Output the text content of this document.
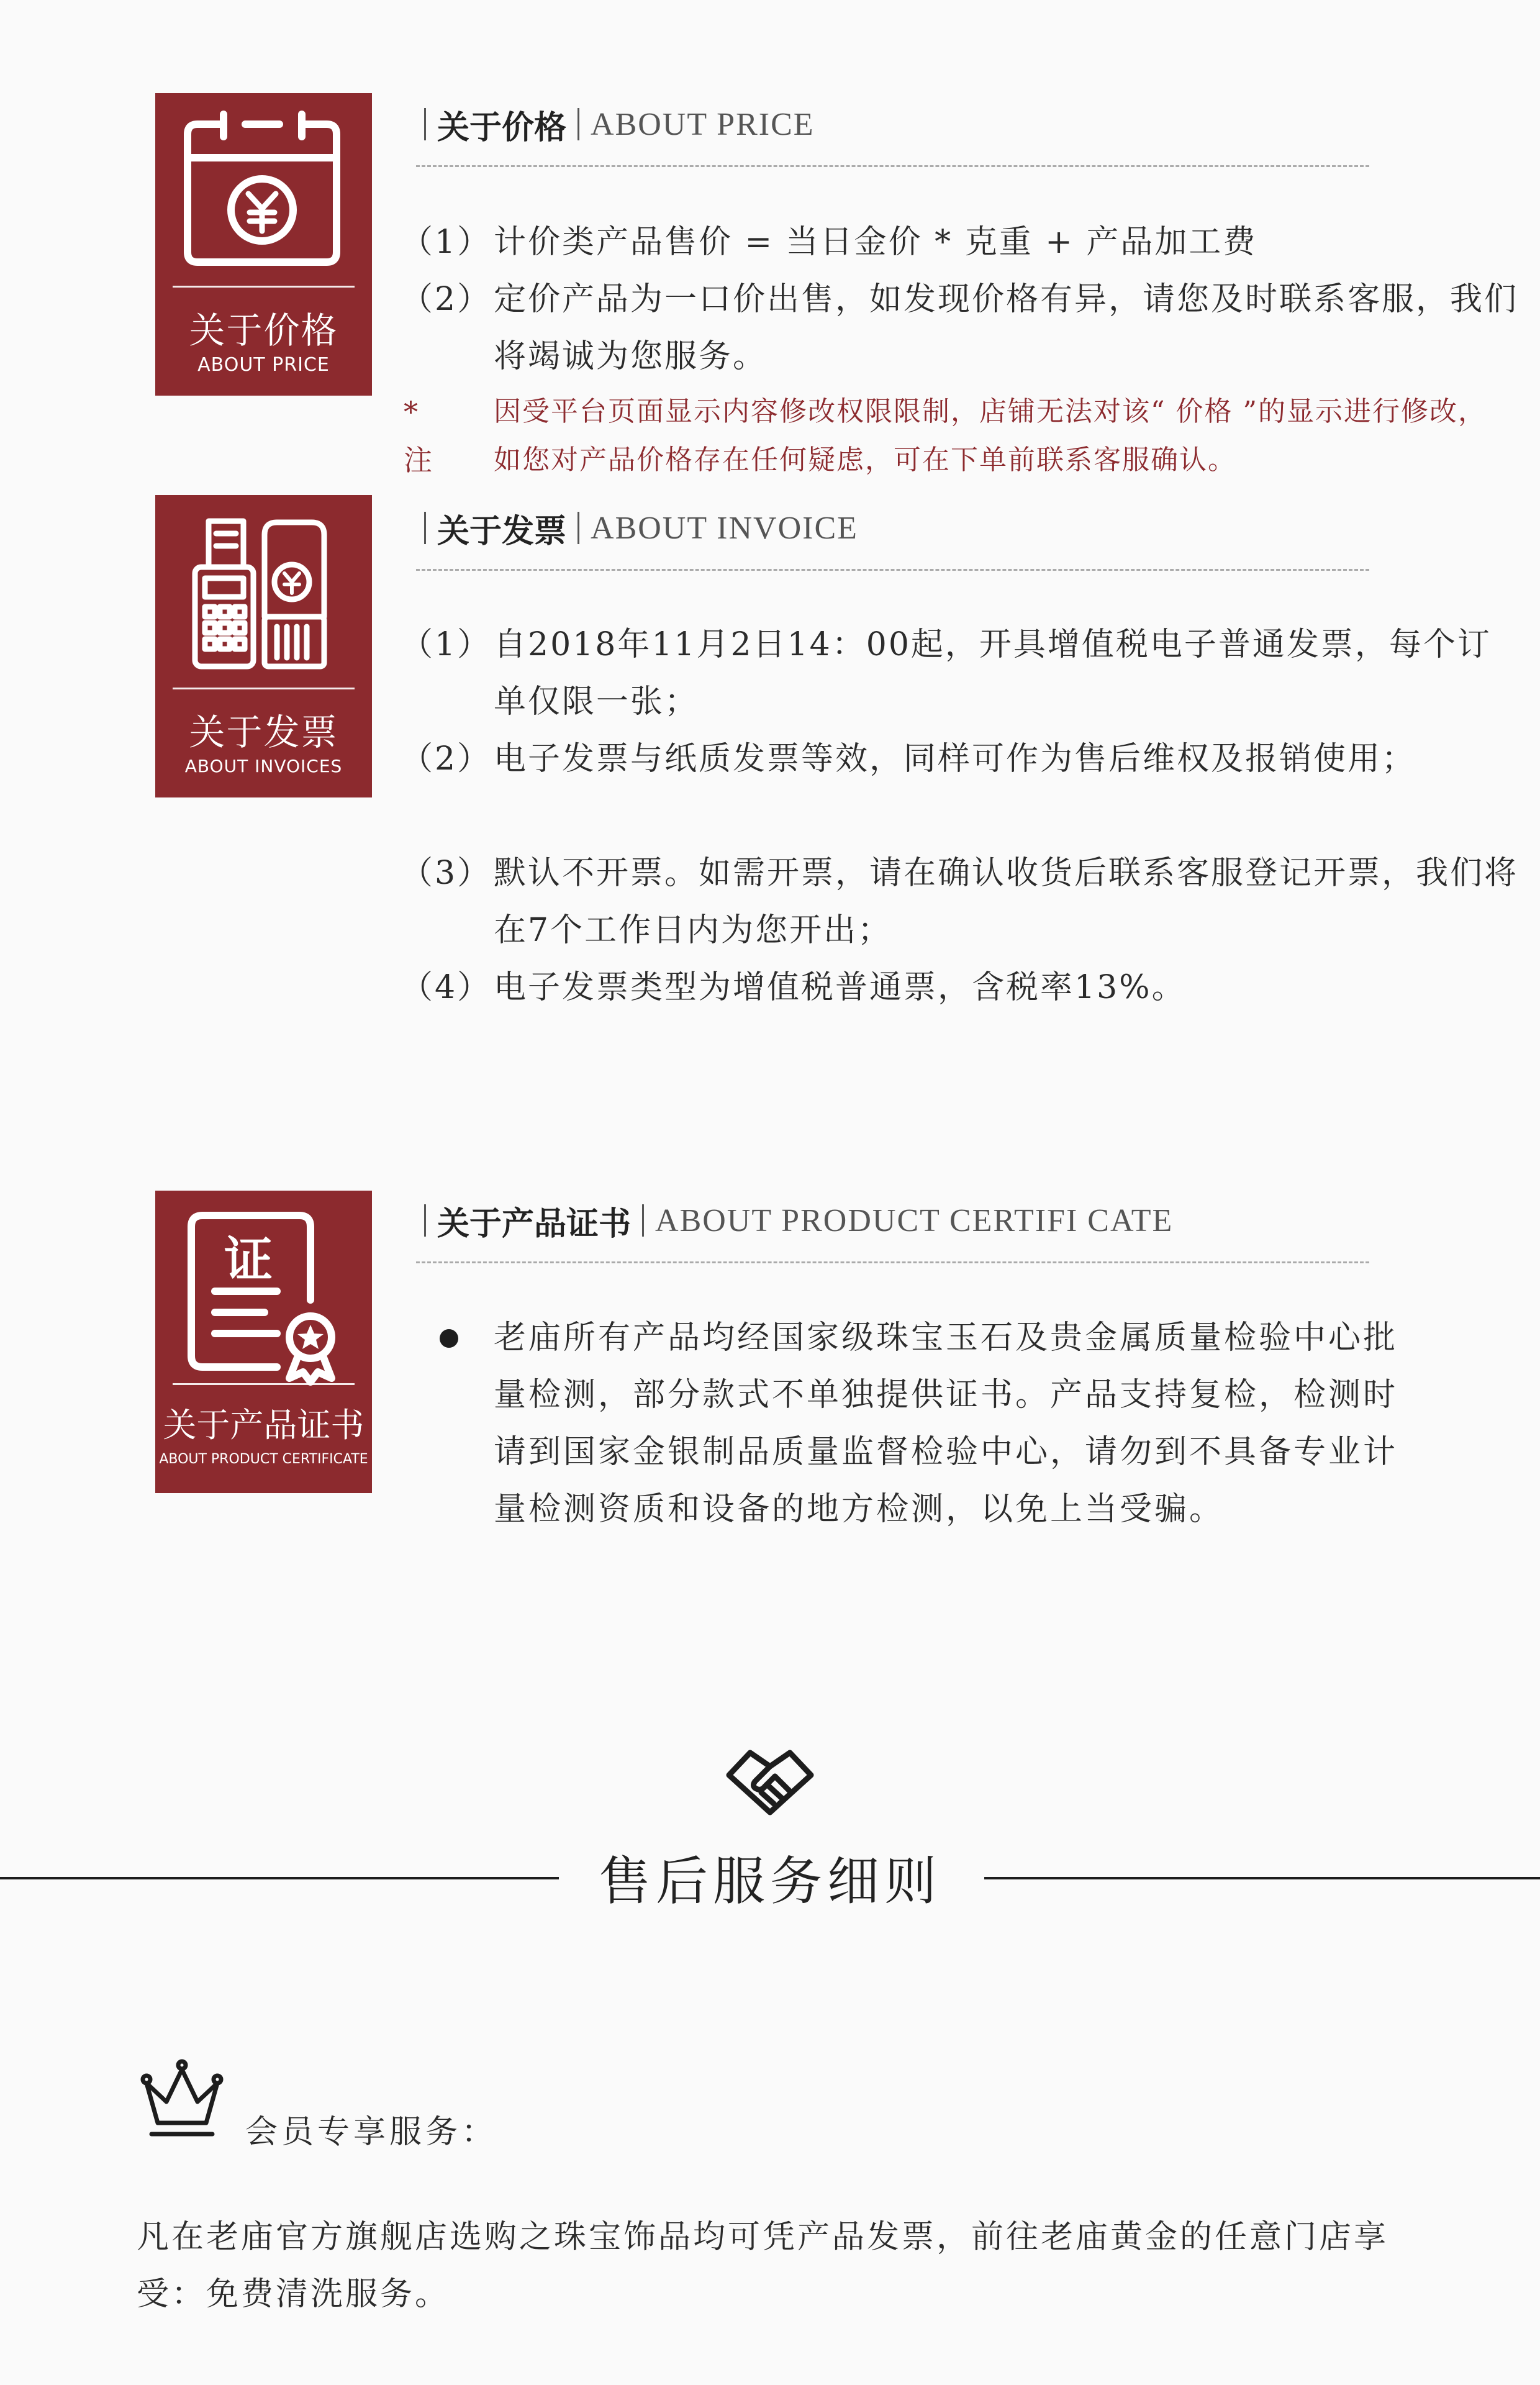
关于价格
ABOUT PRICE
关于价格 ABOUT PRICE
（1） 计价类产品售价 = 当日金价 * 克重 + 产品加工费
（2） 定价产品为一口价出售，如发现价格有异，请您及时联系客服，我们将竭诚为您服务。
* 注
因受平台页面显示内容修改权限限制，店铺无法对该“ 价格 ”的显示进行修改，如您对产品价格存在任何疑虑，可在下单前联系客服确认。
关于发票
ABOUT INVOICES
关于发票 ABOUT INVOICE
（1） 自2018年11月2日14：00起，开具增值税电子普通发票，每个订单仅限一张；
（2） 电子发票与纸质发票等效，同样可作为售后维权及报销使用；
（3） 默认不开票。如需开票，请在确认收货后联系客服登记开票，我们将在7个工作日内为您开出；
（4） 电子发票类型为增值税普通票，含税率13%。
证
关于产品证书
ABOUT PRODUCT CERTIFICATE
关于产品证书 ABOUT PRODUCT CERTIFI CATE
老庙所有产品均经国家级珠宝玉石及贵金属质量检验中心批量检测，部分款式不单独提供证书。产品支持复检，检测时请到国家金银制品质量监督检验中心，请勿到不具备专业计量检测资质和设备的地方检测，以免上当受骗。
售后服务细则
会员专享服务：
凡在老庙官方旗舰店选购之珠宝饰品均可凭产品发票，前往老庙黄金的任意门店享受：免费清洗服务。
